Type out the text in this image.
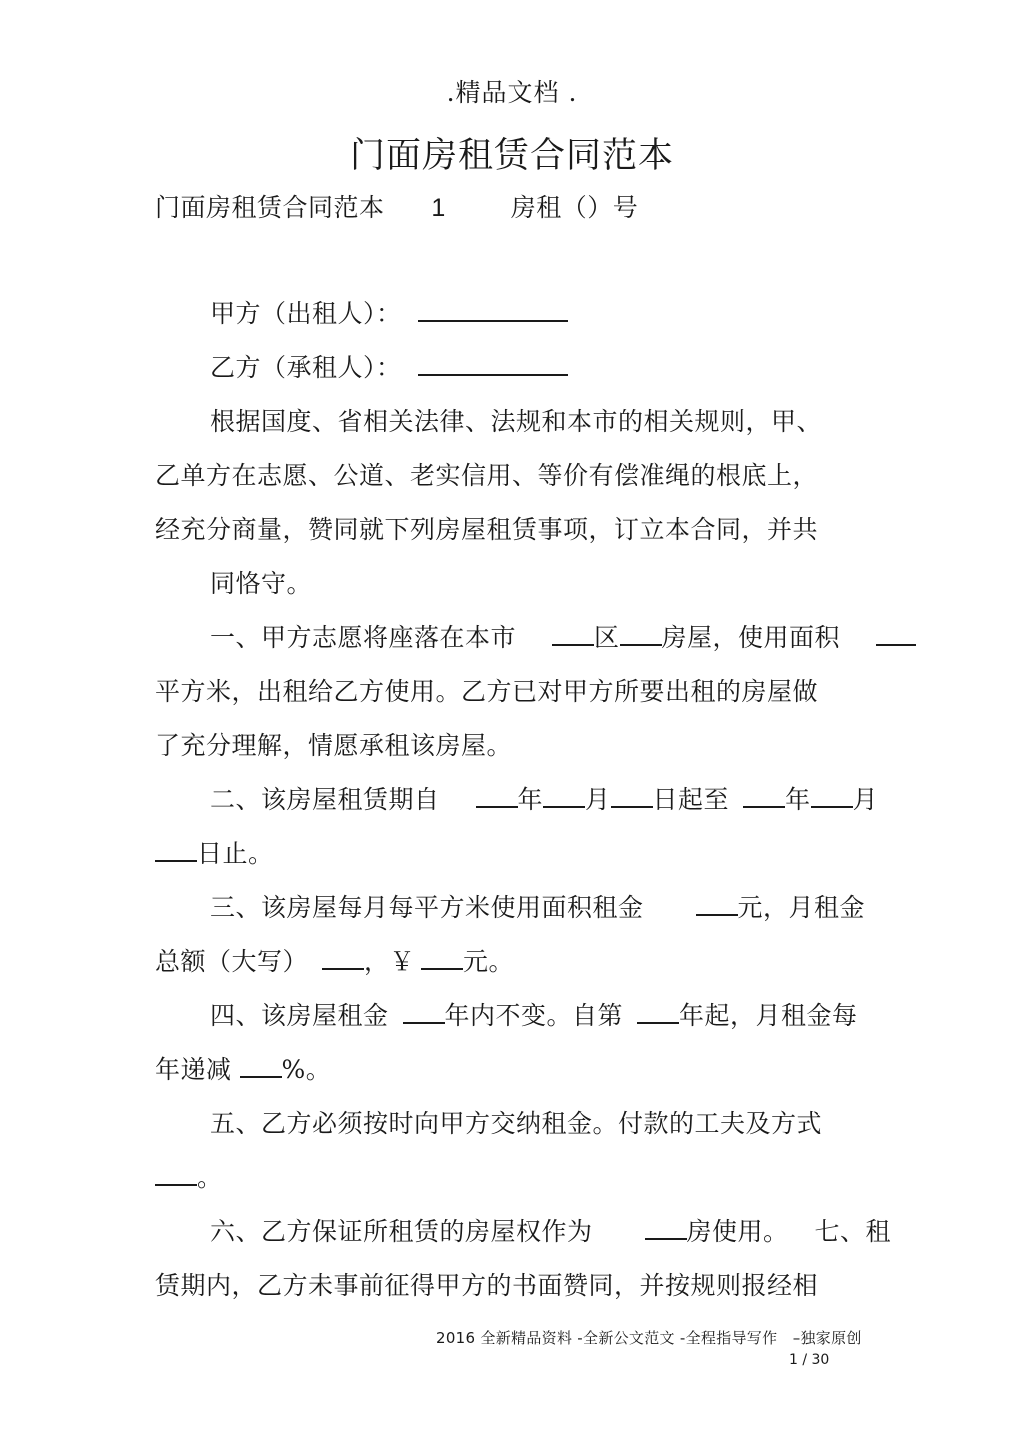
.精品文档 .
门面房租赁合同范本
门面房租赁合同范本 1	房租（）号
甲方（出租人）：
乙方（承租人）：
根据国度、省相关法律、法规和本市的相关规则，甲、
乙单方在志愿、公道、老实信用、等价有偿准绳的根底上，
经充分商量，赞同就下列房屋租赁事项，订立本合同，并共
同恪守。
一、甲方志愿将座落在本市	区 房屋，使用面积
平方米，出租给乙方使用。乙方已对甲方所要出租的房屋做
了充分理解，情愿承租该房屋。
二、该房屋租赁期自	年 月 日起至 年 月
日止。
三、该房屋每月每平方米使用面积租金	元，月租金
总额（大写） ，￥ 元。
四、该房屋租金 年内不变。自第 年起，月租金每
年递减 %。
五、乙方必须按时向甲方交纳租金。付款的工夫及方式
。
六、乙方保证所租赁的房屋权作为	房使用。 七、租
赁期内，乙方未事前征得甲方的书面赞同，并按规则报经相
2016 全新精品资料 -全新公文范文 -全程指导写作　–独家原创
1 / 30
